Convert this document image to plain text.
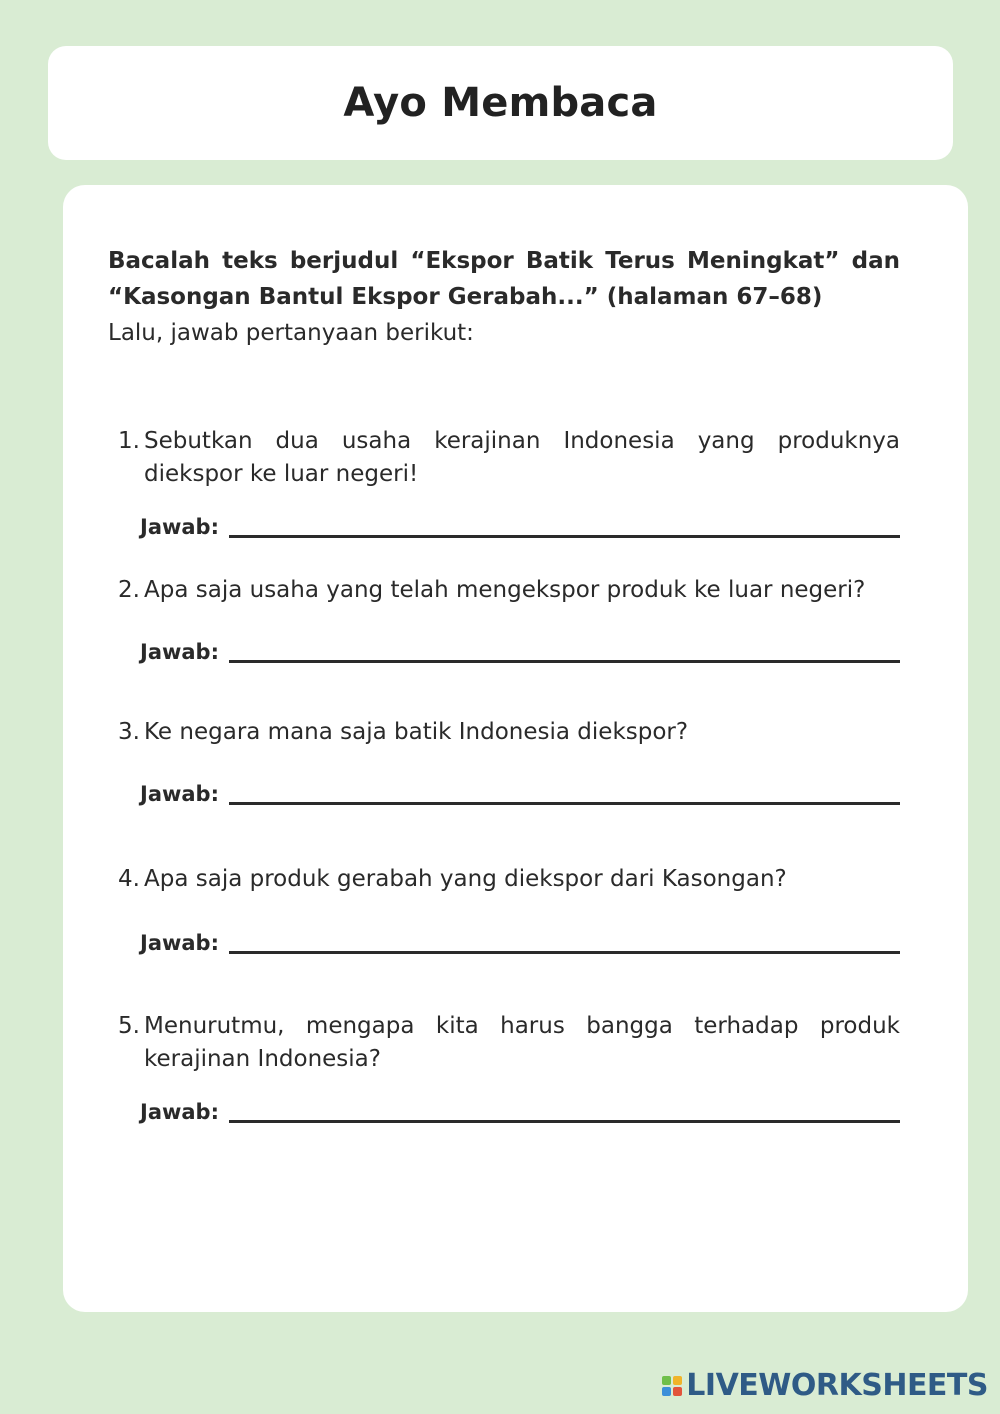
Ayo Membaca
Bacalah teks berjudul “Ekspor Batik Terus Meningkat” dan “Kasongan Bantul Ekspor Gerabah...” (halaman 67–68)
Lalu, jawab pertanyaan berikut:
1. Sebutkan dua usaha kerajinan Indonesia yang produknya diekspor ke luar negeri!
Jawab:
2. Apa saja usaha yang telah mengekspor produk ke luar negeri?
Jawab:
3. Ke negara mana saja batik Indonesia diekspor?
Jawab:
4. Apa saja produk gerabah yang diekspor dari Kasongan?
Jawab:
5. Menurutmu, mengapa kita harus bangga terhadap produk kerajinan Indonesia?
Jawab:
LIVEWORKSHEETS
